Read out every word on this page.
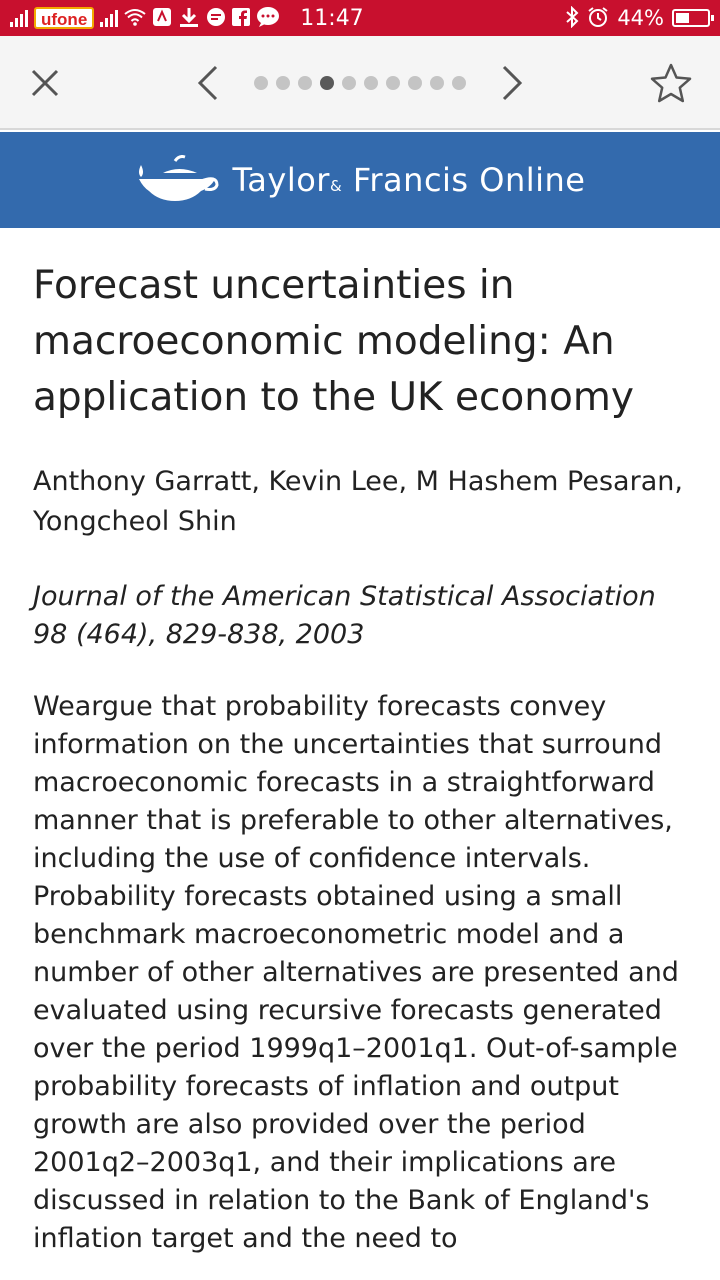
ufone	11:47	44%
Taylor& Francis Online
Forecast uncertainties in macroeconomic modeling: An application to the UK economy

Anthony Garratt, Kevin Lee, M Hashem Pesaran, Yongcheol Shin

Journal of the American Statistical Association 98 (464), 829-838, 2003

Weargue that probability forecasts convey information on the uncertainties that surround macroeconomic forecasts in a straightforward manner that is preferable to other alternatives, including the use of confidence intervals. Probability forecasts obtained using a small benchmark macroeconometric model and a number of other alternatives are presented and evaluated using recursive forecasts generated over the period 1999q1–2001q1. Out-of-sample probability forecasts of inflation and output growth are also provided over the period 2001q2–2003q1, and their implications are discussed in relation to the Bank of England's inflation target and the need to
